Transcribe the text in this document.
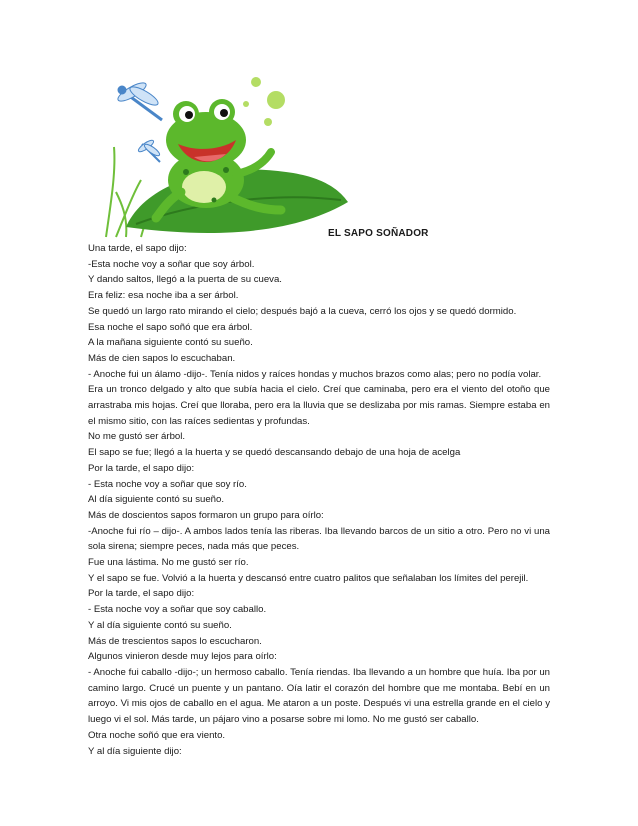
EL SAPO SOÑADOR

Una tarde, el sapo dijo:

-Esta noche voy a soñar que soy árbol.

Y dando saltos, llegó a la puerta de su cueva.

Era feliz: esa noche iba a ser árbol.

Se quedó un largo rato mirando el cielo; después bajó a la cueva, cerró los ojos y se quedó dormido.

Esa noche el sapo soñó que era árbol.

A la mañana siguiente contó su sueño.

Más de cien sapos lo escuchaban.

- Anoche fui un álamo -dijo-. Tenía nidos y raíces hondas y muchos brazos como alas; pero no podía volar.

Era un tronco delgado y alto que subía hacia el cielo. Creí que caminaba, pero era el viento del otoño que arrastraba mis hojas. Creí que lloraba, pero era la lluvia que se deslizaba por mis ramas. Siempre estaba en el mismo sitio, con las raíces sedientas y profundas.

No me gustó ser árbol.

El sapo se fue; llegó a la huerta y se quedó descansando debajo de una hoja de acelga

Por la tarde, el sapo dijo:

- Esta noche voy a soñar que soy río.

Al día siguiente contó su sueño.

Más de doscientos sapos formaron un grupo para oírlo:

-Anoche fui río – dijo-. A ambos lados tenía las riberas. Iba llevando barcos de un sitio a otro. Pero no vi una sola sirena; siempre peces, nada más que peces.

Fue una lástima. No me gustó ser río.

Y el sapo se fue. Volvió a la huerta y descansó entre cuatro palitos que señalaban los límites del perejil.

Por la tarde, el sapo dijo:

- Esta noche voy a soñar que soy caballo.

Y al día siguiente contó su sueño.

Más de trescientos sapos lo escucharon.

Algunos vinieron desde muy lejos para oírlo:

- Anoche fui caballo -dijo-; un hermoso caballo. Tenía riendas. Iba llevando a un hombre que huía. Iba por un camino largo. Crucé un puente y un pantano. Oía latir el corazón del hombre que me montaba. Bebí en un arroyo. Vi mis ojos de caballo en el agua. Me ataron a un poste. Después vi una estrella grande en el cielo y luego vi el sol. Más tarde, un pájaro vino a posarse sobre mi lomo. No me gustó ser caballo.

Otra noche soñó que era viento.

Y al día siguiente dijo:
